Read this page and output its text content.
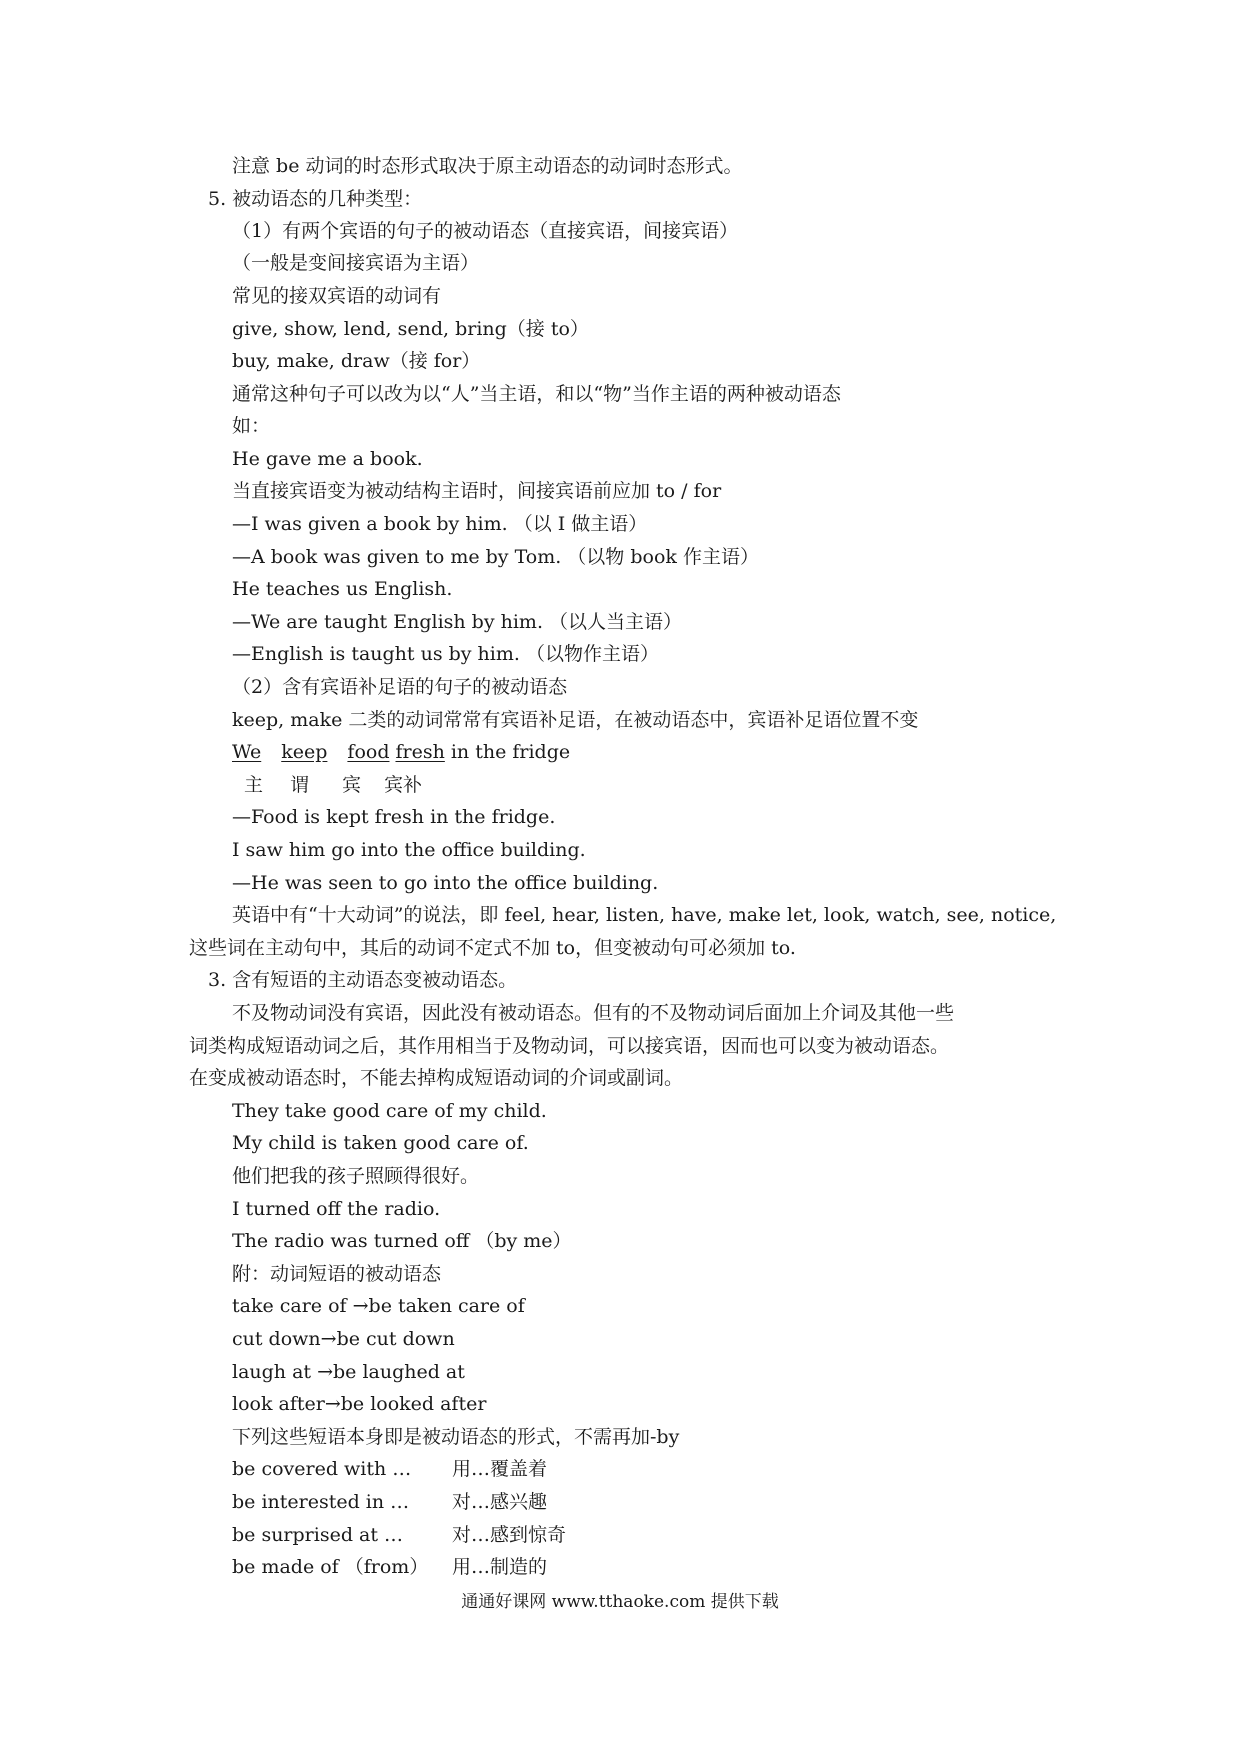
注意 be 动词的时态形式取决于原主动语态的动词时态形式。
5. 被动语态的几种类型：
（1）有两个宾语的句子的被动语态（直接宾语，间接宾语）
（一般是变间接宾语为主语）
常见的接双宾语的动词有
give, show, lend, send, bring（接 to）
buy, make, draw（接 for）
通常这种句子可以改为以“人”当主语，和以“物”当作主语的两种被动语态
如：
He gave me a book.
当直接宾语变为被动结构主语时，间接宾语前应加 to / for
—I was given a book by him. （以 I 做主语）
—A book was given to me by Tom. （以物 book 作主语）
He teaches us English.
—We are taught English by him. （以人当主语）
—English is taught us by him. （以物作主语）
（2）含有宾语补足语的句子的被动语态
keep, make 二类的动词常常有宾语补足语，在被动语态中，宾语补足语位置不变
We keep food fresh in the fridge
主 谓 宾 宾补
—Food is kept fresh in the fridge.
I saw him go into the office building.
—He was seen to go into the office building.
英语中有“十大动词”的说法，即 feel, hear, listen, have, make let, look, watch, see, notice,
这些词在主动句中，其后的动词不定式不加 to，但变被动句可必须加 to.
3. 含有短语的主动语态变被动语态。
不及物动词没有宾语，因此没有被动语态。但有的不及物动词后面加上介词及其他一些
词类构成短语动词之后，其作用相当于及物动词，可以接宾语，因而也可以变为被动语态。
在变成被动语态时，不能去掉构成短语动词的介词或副词。
They take good care of my child.
My child is taken good care of.
他们把我的孩子照顾得很好。
I turned off the radio.
The radio was turned off （by me）
附：动词短语的被动语态
take care of →be taken care of
cut down→be cut down
laugh at →be laughed at
look after→be looked after
下列这些短语本身即是被动语态的形式，不需再加-by
be covered with … 用…覆盖着
be interested in … 对…感兴趣
be surprised at …	对…感到惊奇
be made of （from） 用…制造的
通通好课网 www.tthaoke.com 提供下载
